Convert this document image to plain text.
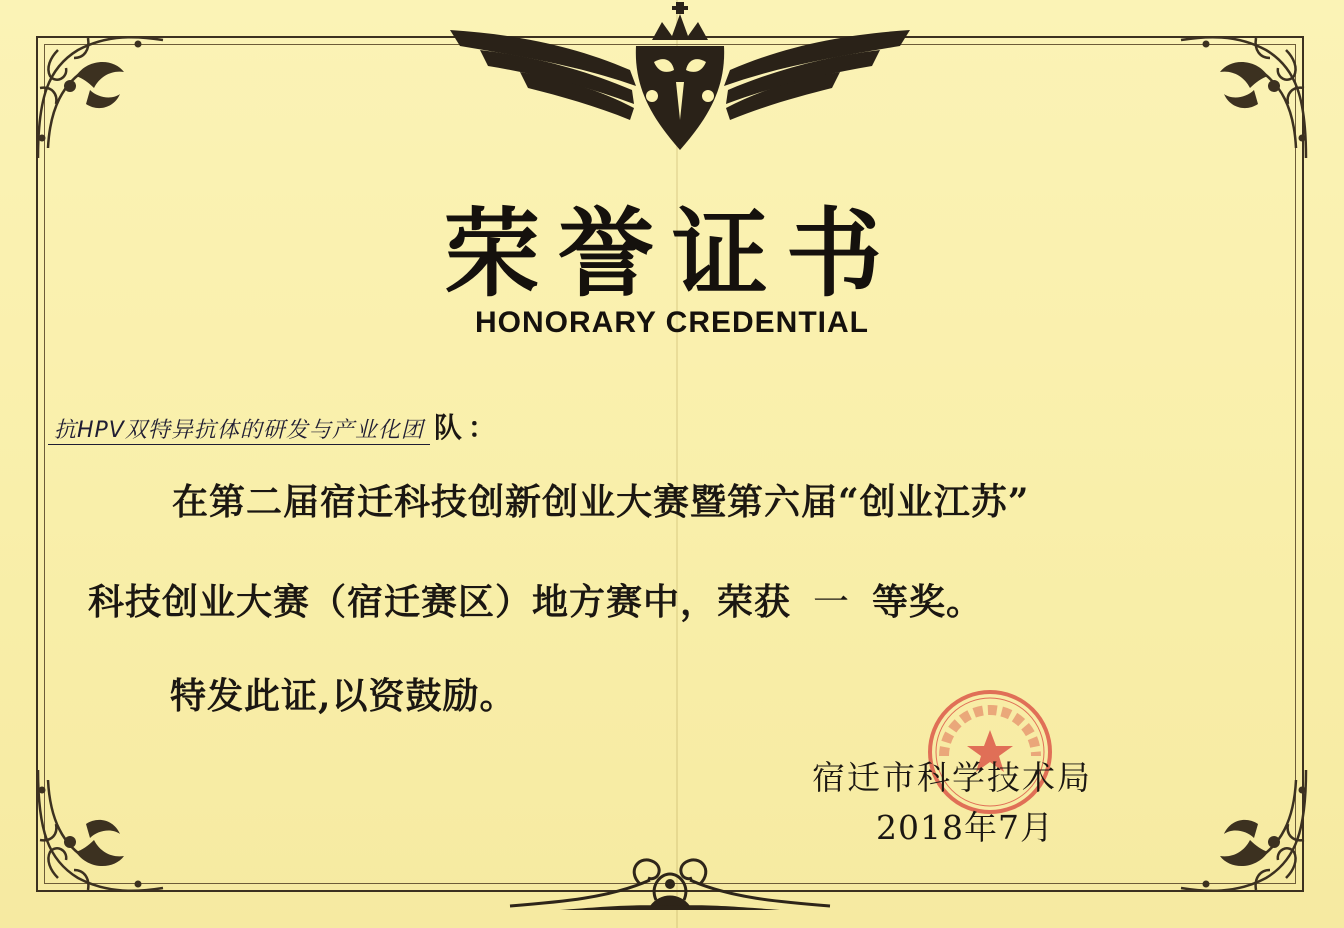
荣誉证书
HONORARY CREDENTIAL
抗HPV双特异抗体的研发与产业化团 队：
在第二届宿迁科技创新创业大赛暨第六届“创业江苏”
科技创业大赛（宿迁赛区）地方赛中，荣获 一 等奖。
特发此证,以资鼓励。
宿迁市科学技术局
2018年7月
